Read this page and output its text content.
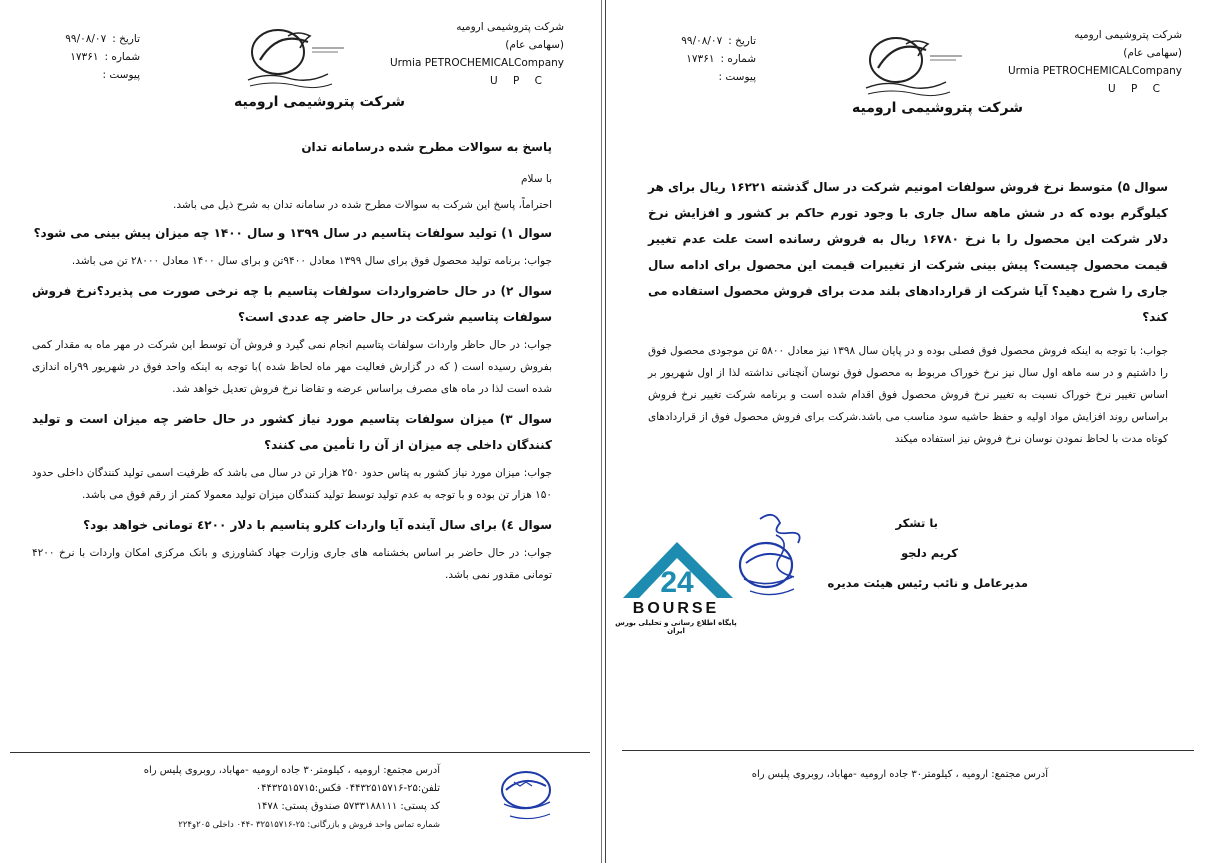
شرکت پتروشیمی ارومیه
(سهامی عام)
Urmia PETROCHEMICALCompany
U P C
شرکت پتروشیمی ارومیه
تاریخ :۹۹/۰۸/۰۷
شماره :۱۷۳۶۱
پیوست :
پاسخ به سوالات مطرح شده درسامانه تدان

با سلام

احتراماً، پاسخ این شرکت به سوالات مطرح شده در سامانه تدان به شرح ذیل می باشد.

سوال ۱) تولید سولفات پتاسیم در سال ۱۳۹۹ و سال ۱۴۰۰ چه میزان پیش بینی می شود؟

جواب: برنامه تولید محصول فوق برای سال ۱۳۹۹ معادل ۹۴۰۰تن و برای سال ۱۴۰۰ معادل ۲۸۰۰۰ تن می باشد.

سوال ۲) در حال حاضرواردات سولفات پتاسیم با چه نرخی صورت می پذیرد؟نرخ فروش سولفات پتاسیم شرکت در حال حاضر چه عددی است؟

جواب: در حال حاظر واردات سولفات پتاسیم انجام نمی گیرد و فروش آن توسط این شرکت در مهر ماه به مقدار کمی بفروش رسیده است ( که در گزارش فعالیت مهر ماه لحاظ شده )با توجه به اینکه واحد فوق در شهریور ۹۹راه اندازی شده است لذا در ماه های مصرف براساس عرضه و تقاضا نرخ فروش تعدیل خواهد شد.

سوال ۳) میزان سولفات پتاسیم مورد نیاز کشور در حال حاضر چه میزان است و تولید کنندگان داخلی چه میزان از آن را تأمین می کنند؟

جواب: میزان مورد نیاز کشور به پتاس حدود ۲۵۰ هزار تن در سال می باشد که ظرفیت اسمی تولید کنندگان داخلی حدود ۱۵۰ هزار تن بوده و با توجه به عدم تولید توسط تولید کنندگان میزان تولید معمولا کمتر از رقم فوق می باشد.

سوال ٤) برای سال آینده آیا واردات کلرو پتاسیم با دلار ٤٢٠٠ تومانی خواهد بود؟

جواب: در حال حاضر بر اساس بخشنامه های جاری وزارت جهاد کشاورزی و بانک مرکزی امکان واردات با نرخ ۴۲۰۰ تومانی مقدور نمی باشد.

آدرس مجتمع: ارومیه ، کیلومتر۳۰ جاده ارومیه -مهاباد، روبروی پلیس راه
تلفن:۲۵-۰۴۴۳۲۵۱۵۷۱۶ فکس:۰۴۴۳۲۵۱۵۷۱۵
کد پستی: ۵۷۳۳۱۸۸۱۱۱ صندوق پستی: ۱۴۷۸
شماره تماس واحد فروش و بازرگانی: ۲۵-۳۲۵۱۵۷۱۶ -۰۴۴ داخلی ۲۰۵و۲۲۴
شرکت پتروشیمی ارومیه
(سهامی عام)
Urmia PETROCHEMICALCompany
U P C
شرکت پتروشیمی ارومیه
تاریخ :۹۹/۰۸/۰۷
شماره :۱۷۳۶۱
پیوست :

سوال ۵) متوسط نرخ فروش سولفات امونیم شرکت در سال گذشته ۱۶۲۲۱ ریال برای هر کیلوگرم بوده که در شش ماهه سال جاری با وجود تورم حاکم بر کشور و افزایش نرخ دلار شرکت این محصول را با نرخ ۱۶۷۸۰ ریال به فروش رسانده است علت عدم تغییر قیمت محصول چیست؟ پیش بینی شرکت از تغییرات قیمت این محصول برای ادامه سال جاری را شرح دهید؟ آیا شرکت از قراردادهای بلند مدت برای فروش محصول استفاده می کند؟

جواب: با توجه به اینکه فروش محصول فوق فصلی بوده و در پایان سال ۱۳۹۸ نیز معادل ۵۸۰۰ تن موجودی محصول فوق را داشتیم و در سه ماهه اول سال نیز نرخ خوراک مربوط به محصول فوق نوسان آنچنانی نداشته لذا از اول شهریور بر اساس تغییر نرخ خوراک نسبت به تغییر نرخ فروش محصول فوق اقدام شده است و برنامه شرکت تغییر نرخ فروش براساس روند افزایش مواد اولیه و حفظ حاشیه سود مناسب می باشد.شرکت برای فروش محصول فوق از قراردادهای کوتاه مدت با لحاظ نمودن نوسان نرخ فروش نیز استفاده میکند

با تشکر
کریم دلجو
مدیرعامل و نائب رئیس هیئت مدیره
آدرس مجتمع: ارومیه ، کیلومتر۳۰ جاده ارومیه -مهاباد، روبروی پلیس راه
24
BOURSE
پایگاه اطلاع رسانی و تحلیلی بورس ایران
